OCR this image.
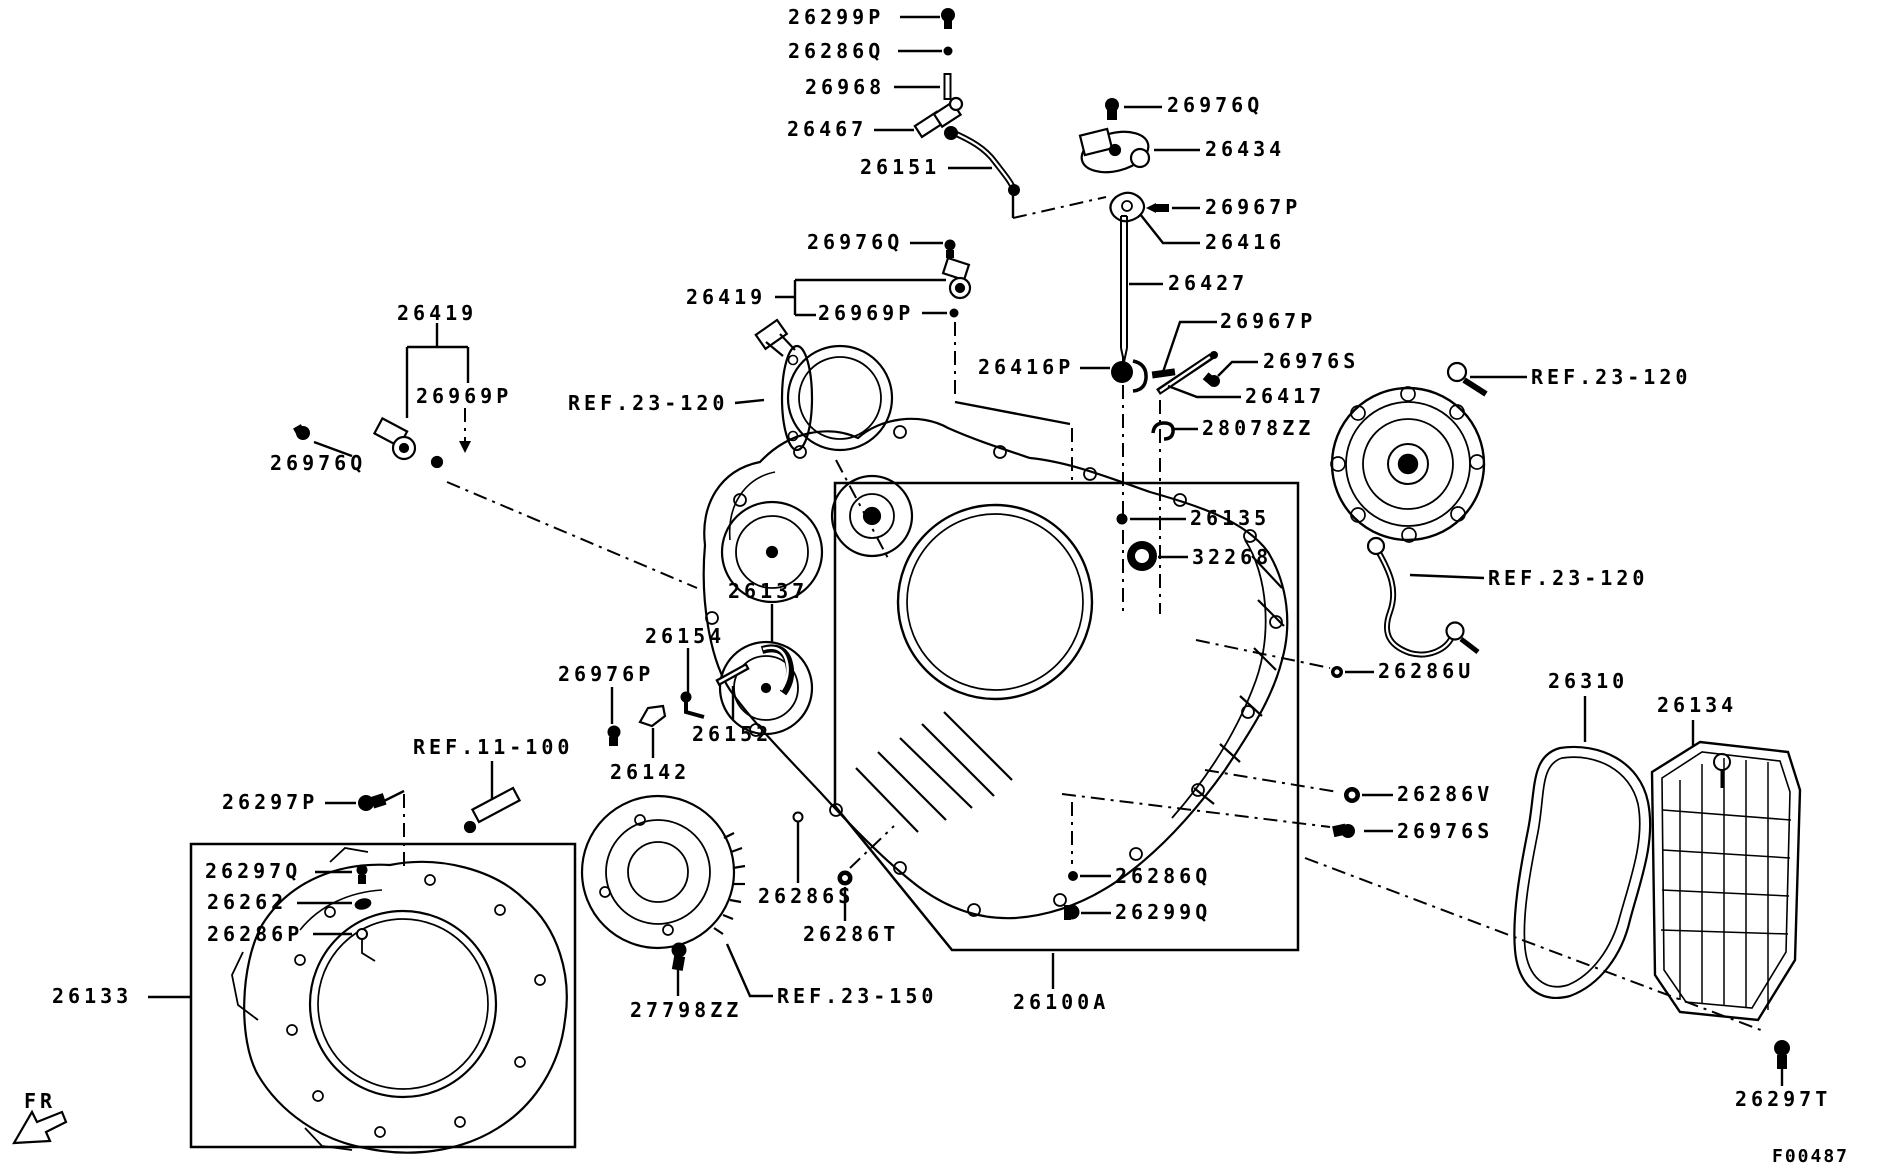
26299P
26286Q
26968
26467
26151
26976Q
26434
26967P
26416
26427
26976Q
26419
26969P
26419
26969P
26976Q
REF.23-120
26416P
26967P
26976S
26417
28078ZZ
26135
32268
REF.23-120
REF.23-120
26286U	26310
26134
26286V
26976S
26286Q
26299Q
26100A
26286S
26286T
27798ZZ
REF.23-150
26137
26154
26976P
26152
26142
REF.11-100
26297P
26297Q
26262
26286P
26133
26297T
FR
F00487
